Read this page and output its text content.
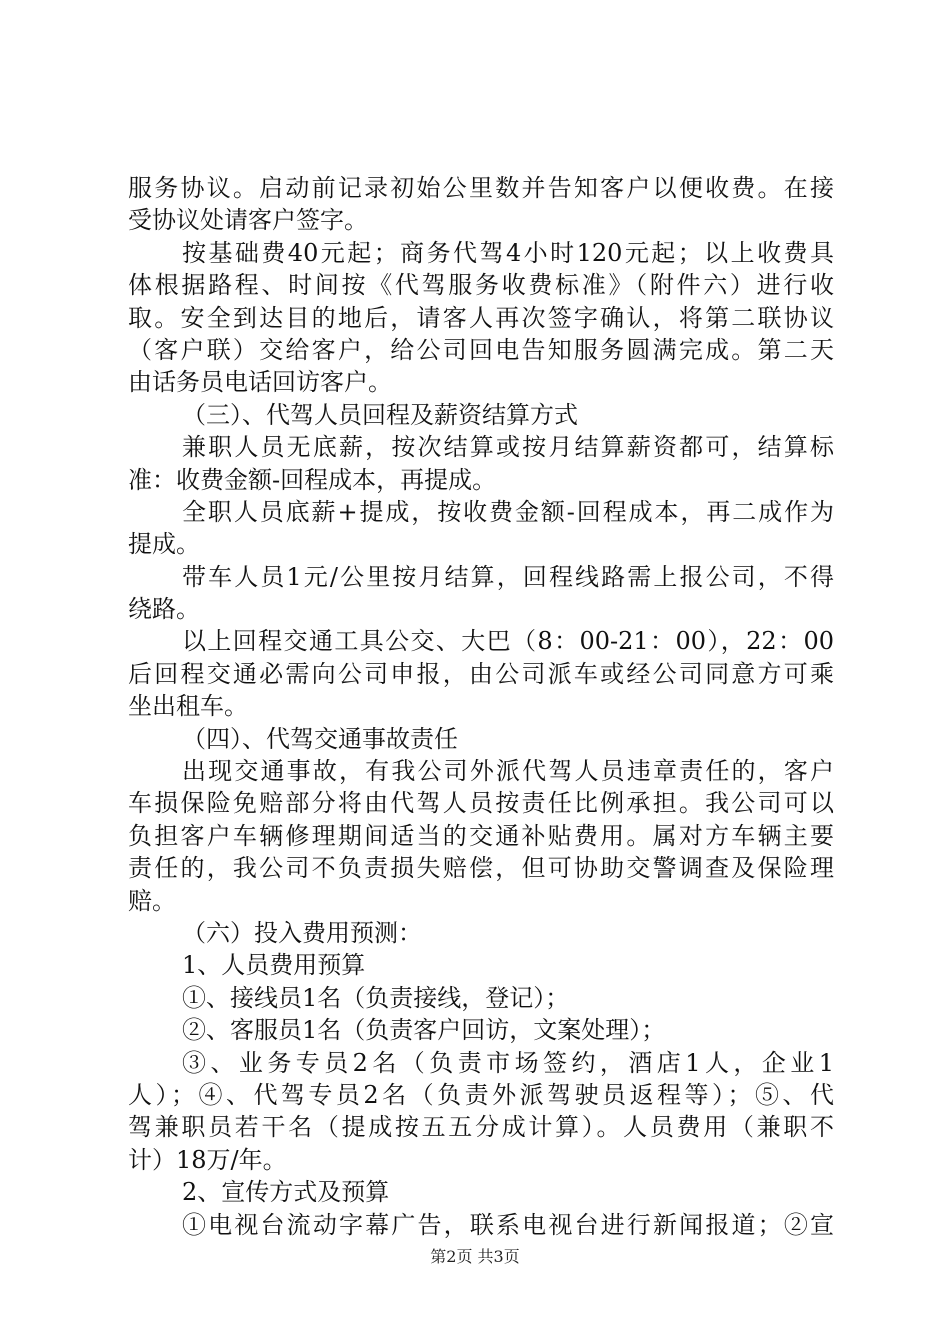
服务协议。启动前记录初始公里数并告知客户以便收费。在接
受协议处请客户签字。
按基础费40元起；商务代驾4小时120元起；以上收费具
体根据路程、时间按《代驾服务收费标准》（附件六）进行收
取。安全到达目的地后，请客人再次签字确认，将第二联协议
（客户联）交给客户，给公司回电告知服务圆满完成。第二天
由话务员电话回访客户。
（三）、代驾人员回程及薪资结算方式
兼职人员无底薪，按次结算或按月结算薪资都可，结算标
准：收费金额-回程成本，再提成。
全职人员底薪+提成，按收费金额-回程成本，再二成作为
提成。
带车人员1元/公里按月结算，回程线路需上报公司，不得
绕路。
以上回程交通工具公交、大巴（8：00-21：00），22：00
后回程交通必需向公司申报，由公司派车或经公司同意方可乘
坐出租车。
（四）、代驾交通事故责任
出现交通事故，有我公司外派代驾人员违章责任的，客户
车损保险免赔部分将由代驾人员按责任比例承担。我公司可以
负担客户车辆修理期间适当的交通补贴费用。属对方车辆主要
责任的，我公司不负责损失赔偿，但可协助交警调查及保险理
赔。
（六）投入费用预测：
1、人员费用预算
①、接线员1名（负责接线，登记）；
②、客服员1名（负责客户回访，文案处理）；
③、业务专员2名（负责市场签约，酒店1人，企业1
人）；④、代驾专员2名（负责外派驾驶员返程等）；⑤、代
驾兼职员若干名（提成按五五分成计算）。人员费用（兼职不
计）18万/年。
2、宣传方式及预算
①电视台流动字幕广告，联系电视台进行新闻报道；②宣
第2页 共3页
